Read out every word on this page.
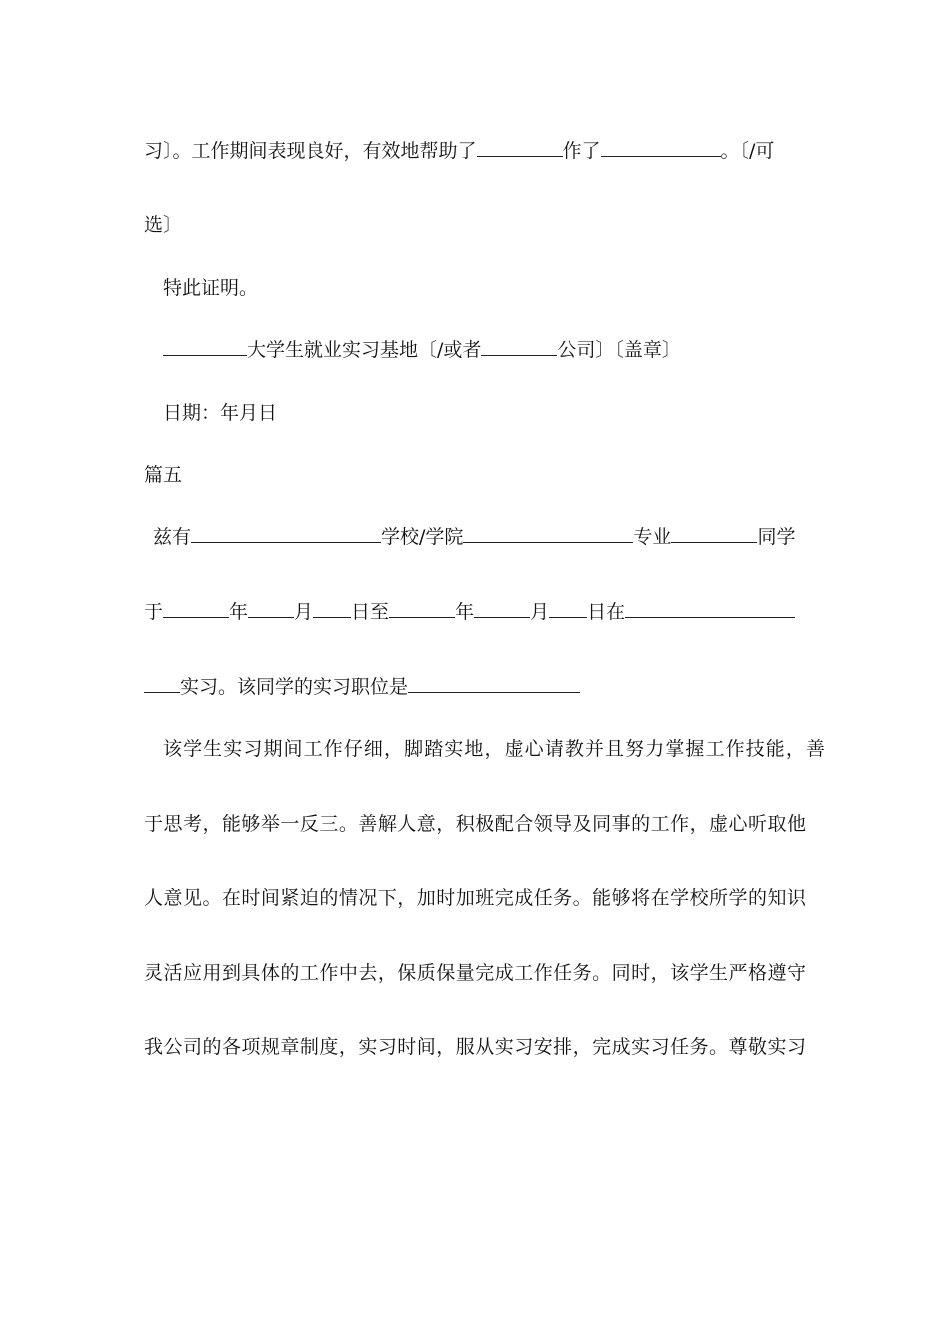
习〕。工作期间表现良好，有效地帮助了	作了	。〔/可
选〕
特此证明。
大学生就业实习基地〔/或者	公司〕〔盖章〕
日期：年月日
篇五
兹有	学校/学院	专业	同学
于	年 月 日至	年	月 日在
实习。该同学的实习职位是
该学生实习期间工作仔细，脚踏实地，虚心请教并且努力掌握工作技能，善
于思考，能够举一反三。善解人意，积极配合领导及同事的工作，虚心听取他
人意见。在时间紧迫的情况下，加时加班完成任务。能够将在学校所学的知识
灵活应用到具体的工作中去，保质保量完成工作任务。同时，该学生严格遵守
我公司的各项规章制度，实习时间，服从实习安排，完成实习任务。尊敬实习
